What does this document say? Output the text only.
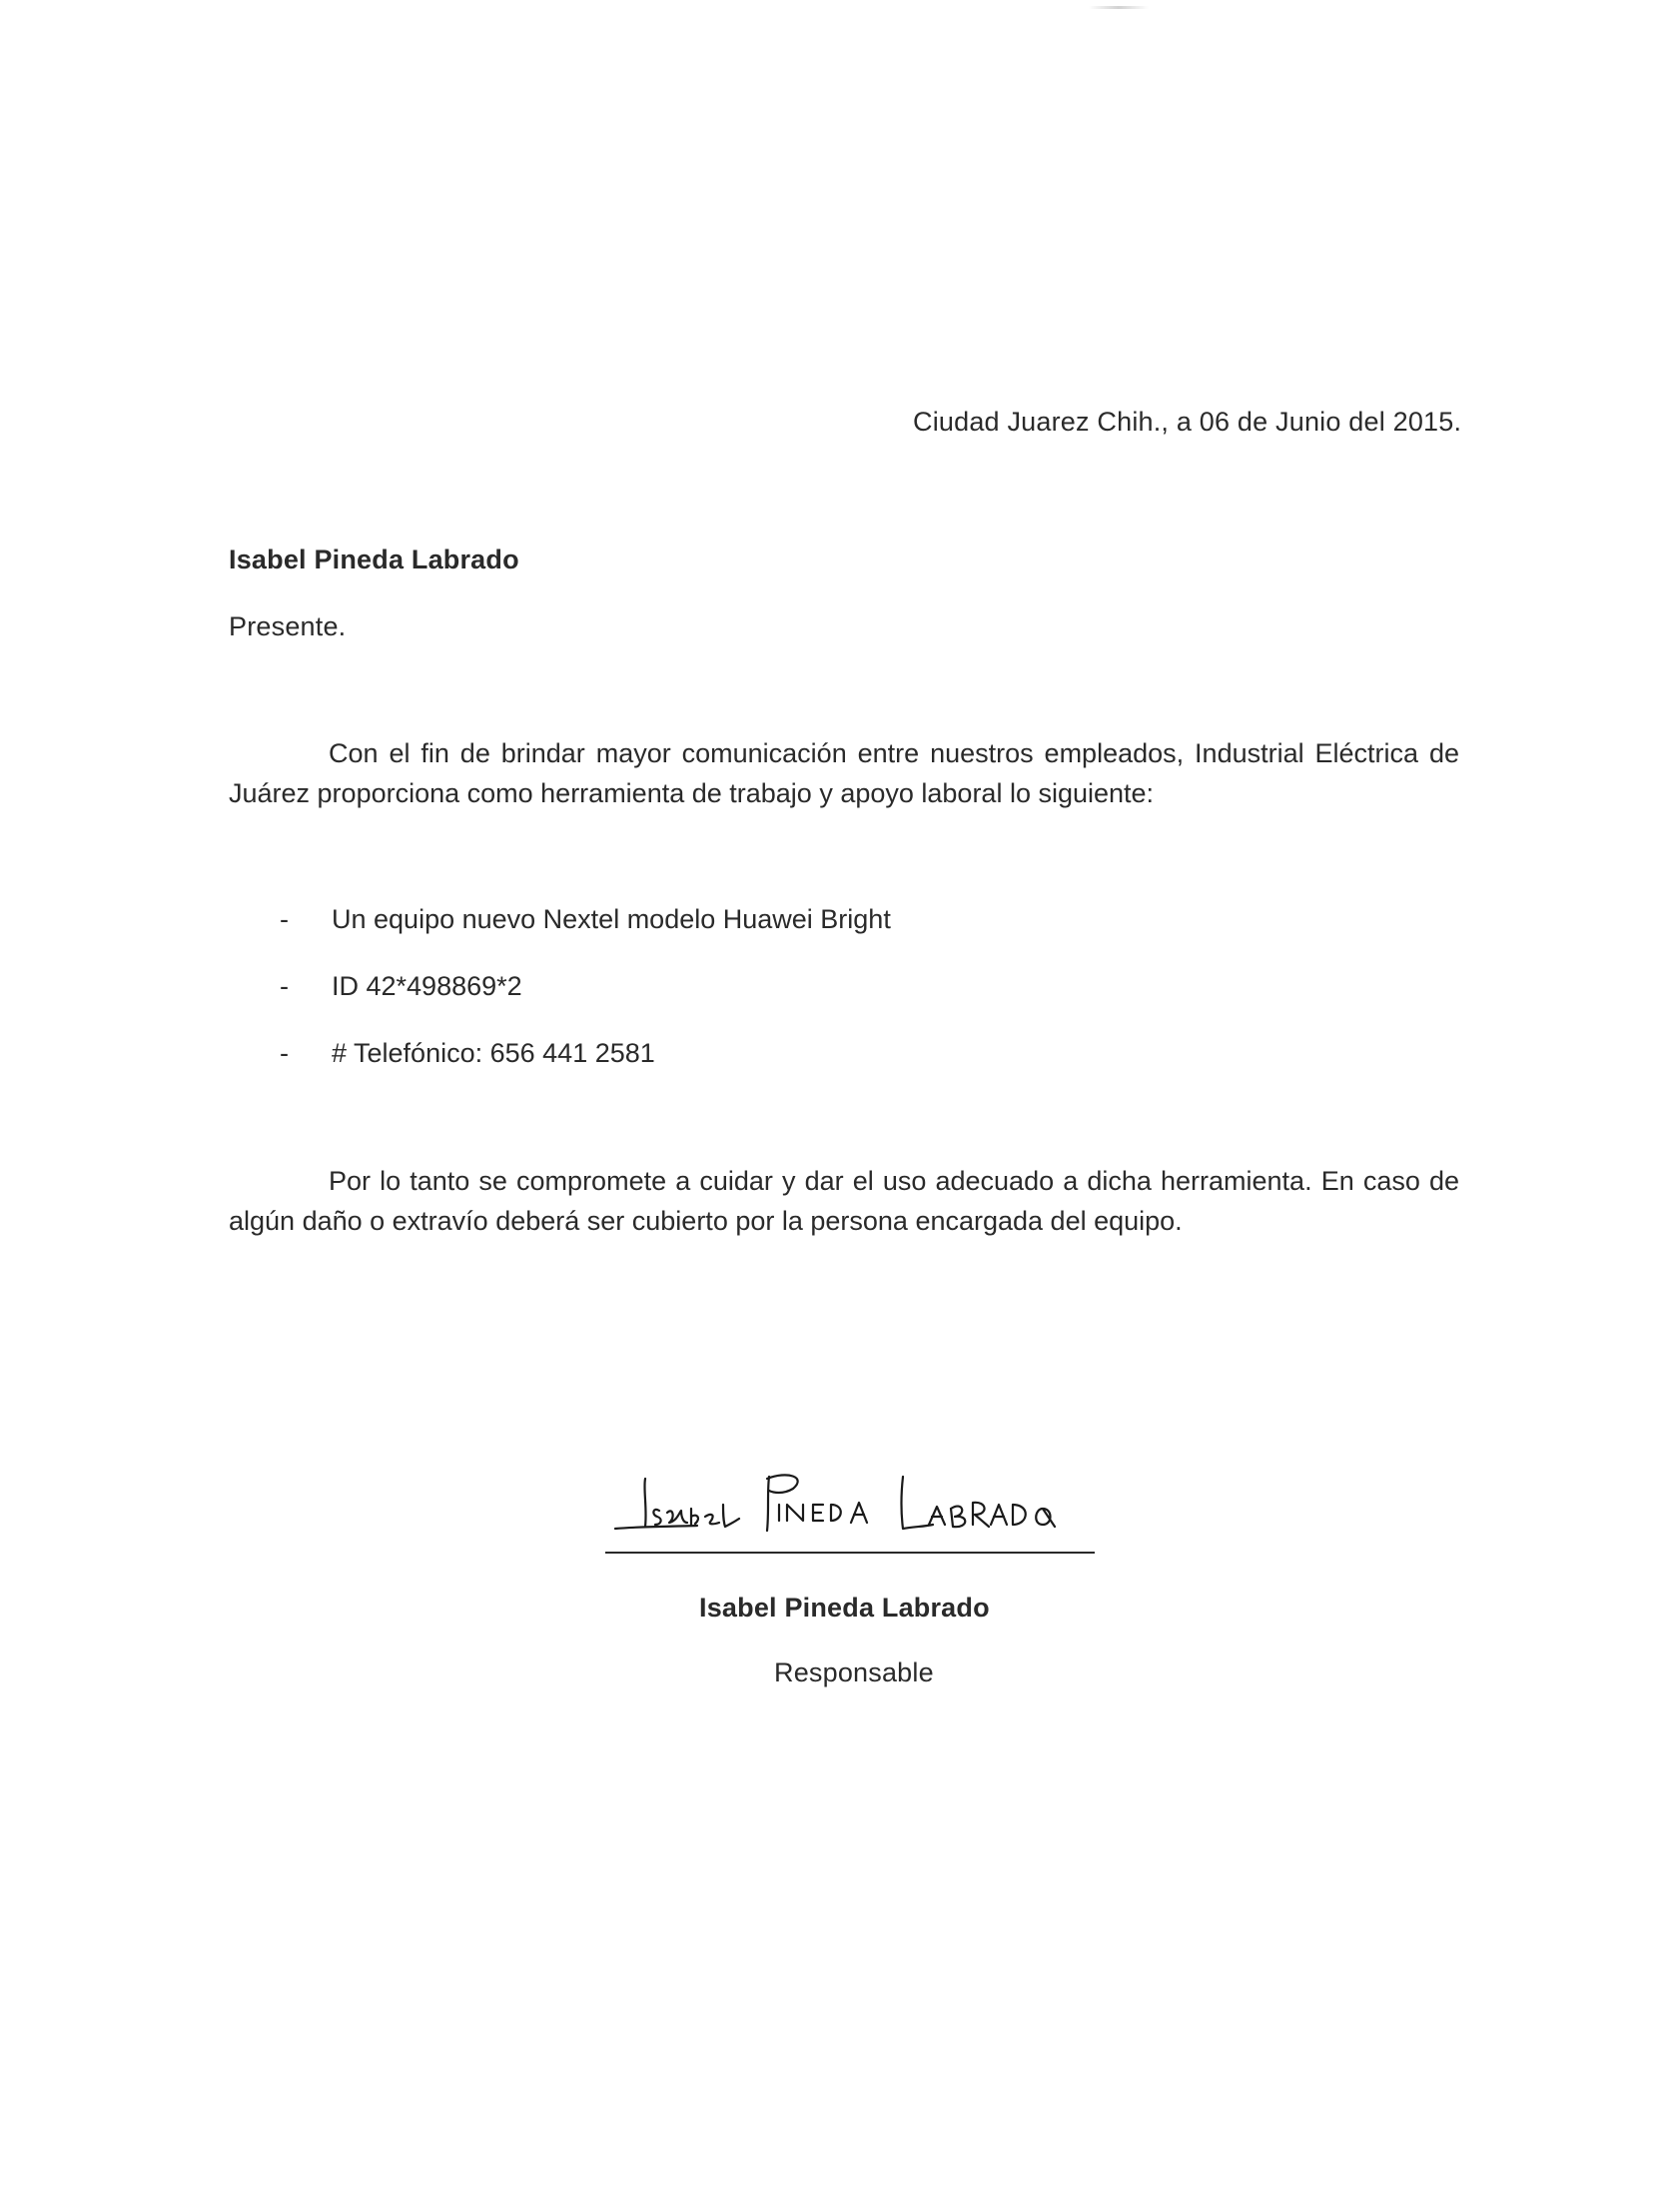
Ciudad Juarez Chih., a 06 de Junio del 2015.
Isabel Pineda Labrado
Presente.

Con el fin de brindar mayor comunicación entre nuestros empleados, Industrial Eléctrica de Juárez proporciona como herramienta de trabajo y apoyo laboral lo siguiente:

- Un equipo nuevo Nextel modelo Huawei Bright
- ID 42*498869*2
- # Telefónico: 656 441 2581

Por lo tanto se compromete a cuidar y dar el uso adecuado a dicha herramienta. En caso de algún daño o extravío deberá ser cubierto por la persona encargada del equipo.

Isabel Pineda Labrado
Responsable
